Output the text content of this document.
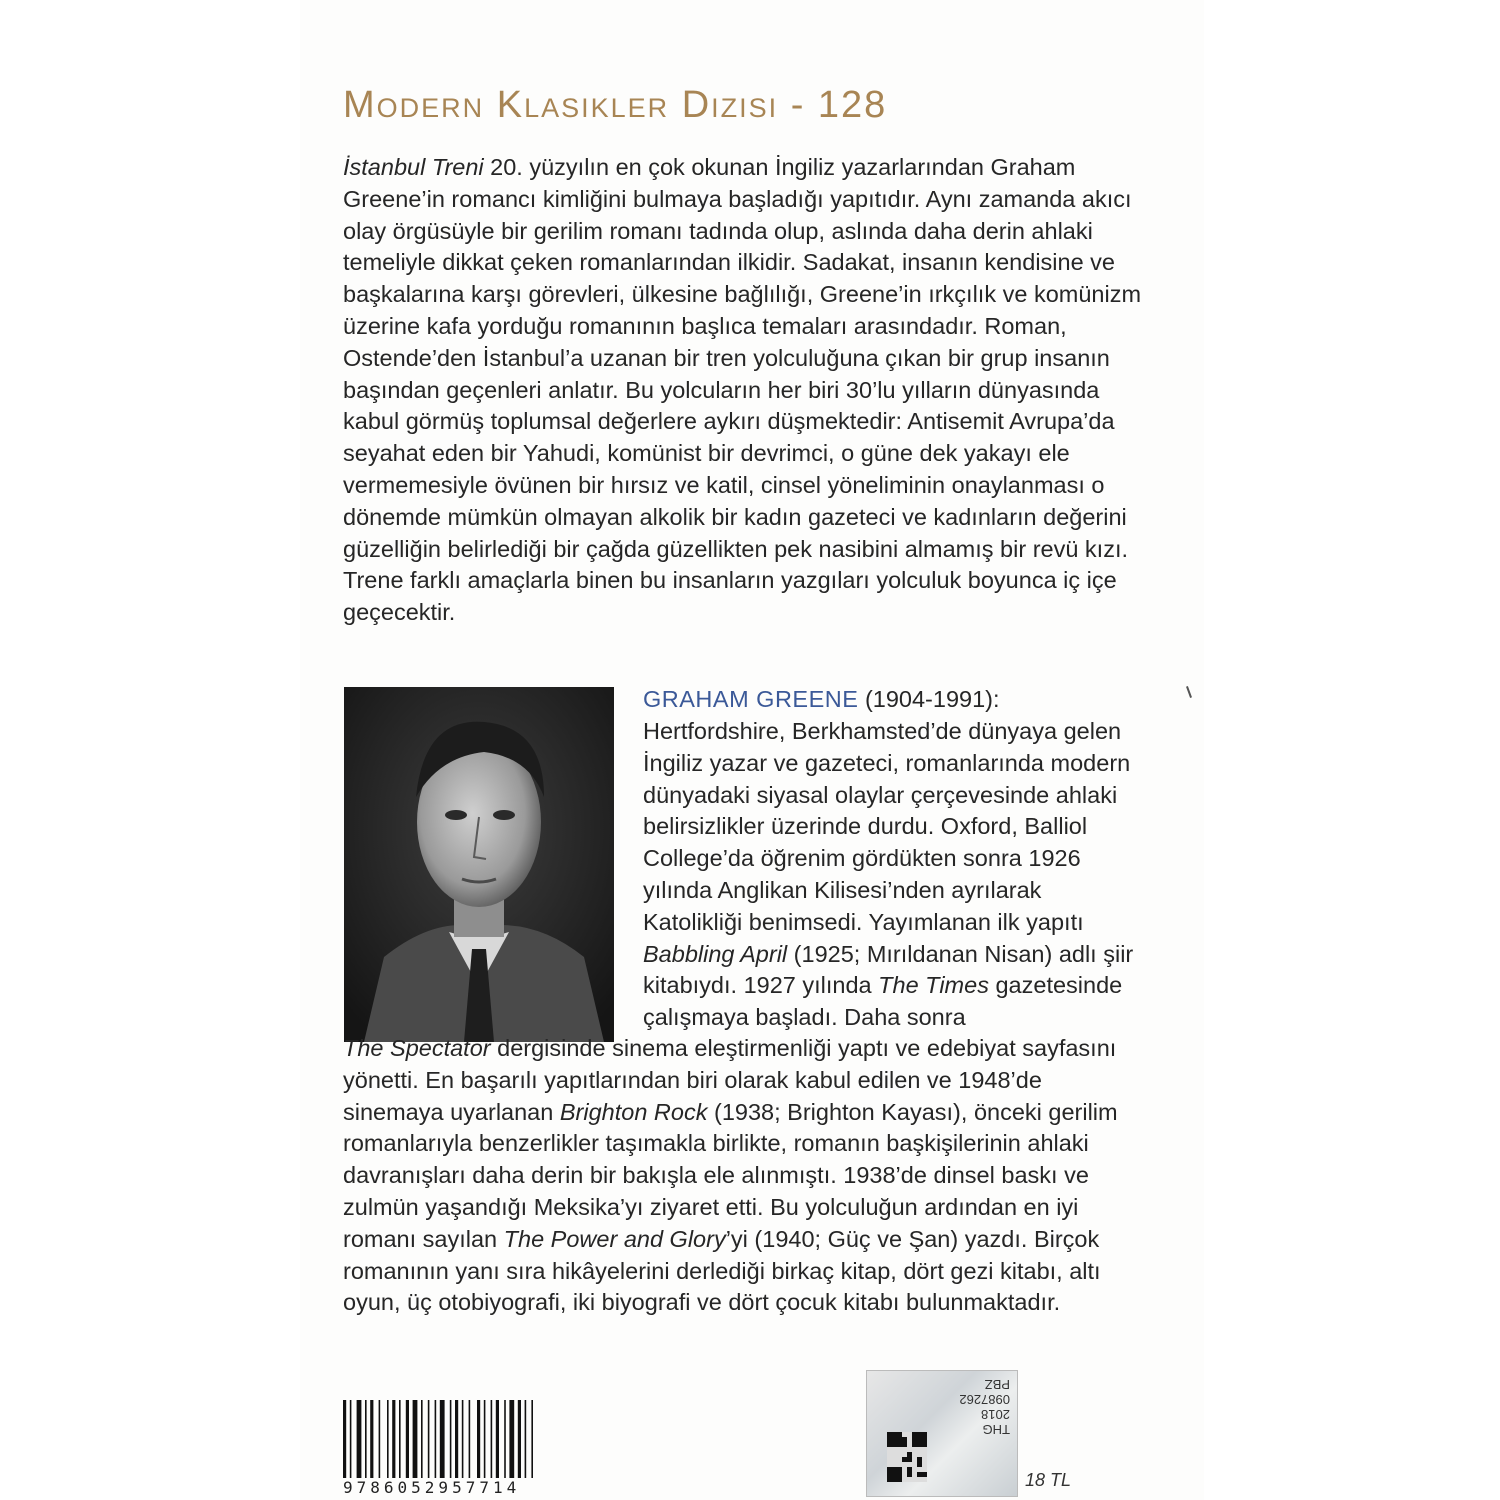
Modern Klasikler Dizisi - 128

İstanbul Treni 20. yüzyılın en çok okunan İngiliz yazarlarından Graham Greene’in romancı kimliğini bulmaya başladığı yapıtıdır. Aynı zamanda akıcı olay örgüsüyle bir gerilim romanı tadında olup, aslında daha derin ahlaki temeliyle dikkat çeken romanlarından ilkidir. Sadakat, insanın kendisine ve başkalarına karşı görevleri, ülkesine bağlılığı, Greene’in ırkçılık ve komünizm üzerine kafa yorduğu romanının başlıca temaları arasındadır. Roman, Ostende’den İstanbul’a uzanan bir tren yolculuğuna çıkan bir grup insanın başından geçenleri anlatır. Bu yolcuların her biri 30’lu yılların dünyasında kabul görmüş toplumsal değerlere aykırı düşmektedir: Antisemit Avrupa’da seyahat eden bir Yahudi, komünist bir devrimci, o güne dek yakayı ele vermemesiyle övünen bir hırsız ve katil, cinsel yöneliminin onaylanması o dönemde mümkün olmayan alkolik bir kadın gazeteci ve kadınların değerini güzelliğin belirlediği bir çağda güzellikten pek nasibini almamış bir revü kızı. Trene farklı amaçlarla binen bu insanların yazgıları yolculuk boyunca iç içe geçecektir.

GRAHAM GREENE (1904-1991):

Hertfordshire, Berkhamsted’de dünyaya gelen İngiliz yazar ve gazeteci, romanlarında modern dünyadaki siyasal olaylar çerçevesinde ahlaki belirsizlikler üzerinde durdu. Oxford, Balliol College’da öğrenim gördükten sonra 1926 yılında Anglikan Kilisesi’nden ayrılarak Katolikliği benimsedi. Yayımlanan ilk yapıtı Babbling April (1925; Mırıldanan Nisan) adlı şiir kitabıydı. 1927 yılında The Times gazetesinde çalışmaya başladı. Daha sonra

The Spectator dergisinde sinema eleştirmenliği yaptı ve edebiyat sayfasını yönetti. En başarılı yapıtlarından biri olarak kabul edilen ve 1948’de sinemaya uyarlanan Brighton Rock (1938; Brighton Kayası), önceki gerilim romanlarıyla benzerlikler taşımakla birlikte, romanın başkişilerinin ahlaki davranışları daha derin bir bakışla ele alınmıştı. 1938’de dinsel baskı ve zulmün yaşandığı Meksika’yı ziyaret etti. Bu yolculuğun ardından en iyi romanı sayılan The Power and Glory’yi (1940; Güç ve Şan) yazdı. Birçok romanının yanı sıra hikâyelerini derlediği birkaç kitap, dört gezi kitabı, altı oyun, üç otobiyografi, iki biyografi ve dört çocuk kitabı bulunmaktadır.

9786052957714
THG
2018
0987262
PBZ
18 TL
